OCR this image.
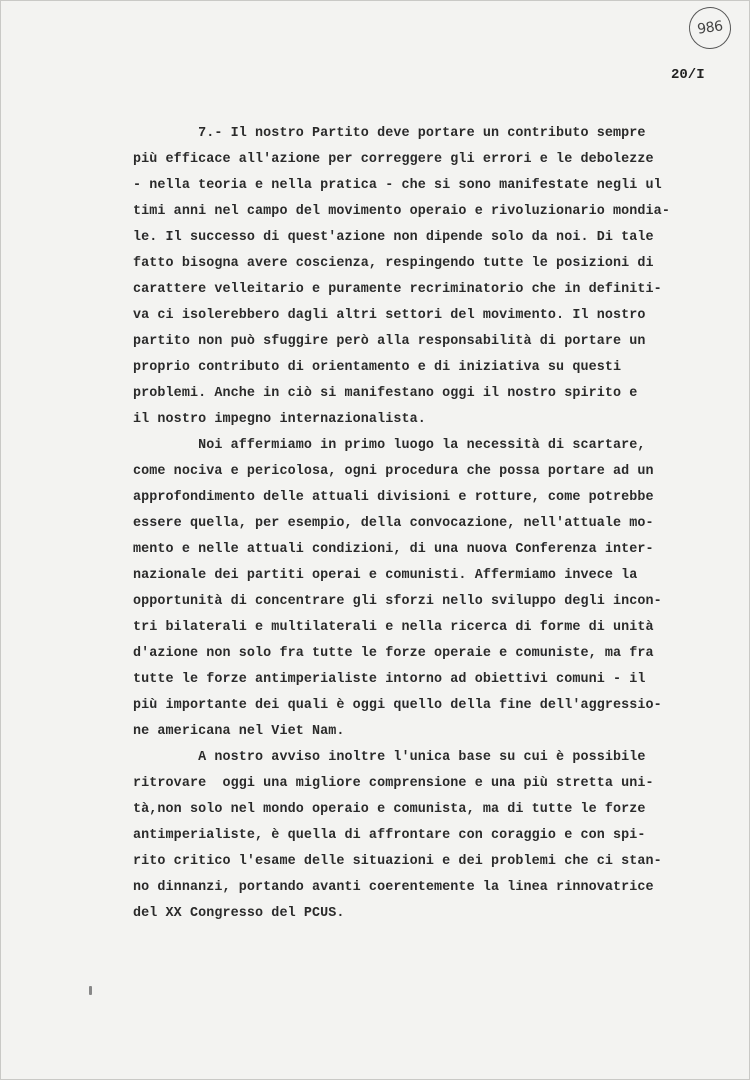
986
20/I
7.- Il nostro Partito deve portare un contributo sempre
più efficace all'azione per correggere gli errori e le debolezze
- nella teoria e nella pratica - che si sono manifestate negli ul
timi anni nel campo del movimento operaio e rivoluzionario mondia-
le. Il successo di quest'azione non dipende solo da noi. Di tale
fatto bisogna avere coscienza, respingendo tutte le posizioni di
carattere velleitario e puramente recriminatorio che in definiti-
va ci isolerebbero dagli altri settori del movimento. Il nostro
partito non può sfuggire però alla responsabilità di portare un
proprio contributo di orientamento e di iniziativa su questi
problemi. Anche in ciò si manifestano oggi il nostro spirito e
il nostro impegno internazionalista.
Noi affermiamo in primo luogo la necessità di scartare,
come nociva e pericolosa, ogni procedura che possa portare ad un
approfondimento delle attuali divisioni e rotture, come potrebbe
essere quella, per esempio, della convocazione, nell'attuale mo-
mento e nelle attuali condizioni, di una nuova Conferenza inter-
nazionale dei partiti operai e comunisti. Affermiamo invece la
opportunità di concentrare gli sforzi nello sviluppo degli incon-
tri bilaterali e multilaterali e nella ricerca di forme di unità
d'azione non solo fra tutte le forze operaie e comuniste, ma fra
tutte le forze antimperialiste intorno ad obiettivi comuni - il
più importante dei quali è oggi quello della fine dell'aggressio-
ne americana nel Viet Nam.
A nostro avviso inoltre l'unica base su cui è possibile
ritrovare  oggi una migliore comprensione e una più stretta uni-
tà,non solo nel mondo operaio e comunista, ma di tutte le forze
antimperialiste, è quella di affrontare con coraggio e con spi-
rito critico l'esame delle situazioni e dei problemi che ci stan-
no dinnanzi, portando avanti coerentemente la linea rinnovatrice
del XX Congresso del PCUS.
